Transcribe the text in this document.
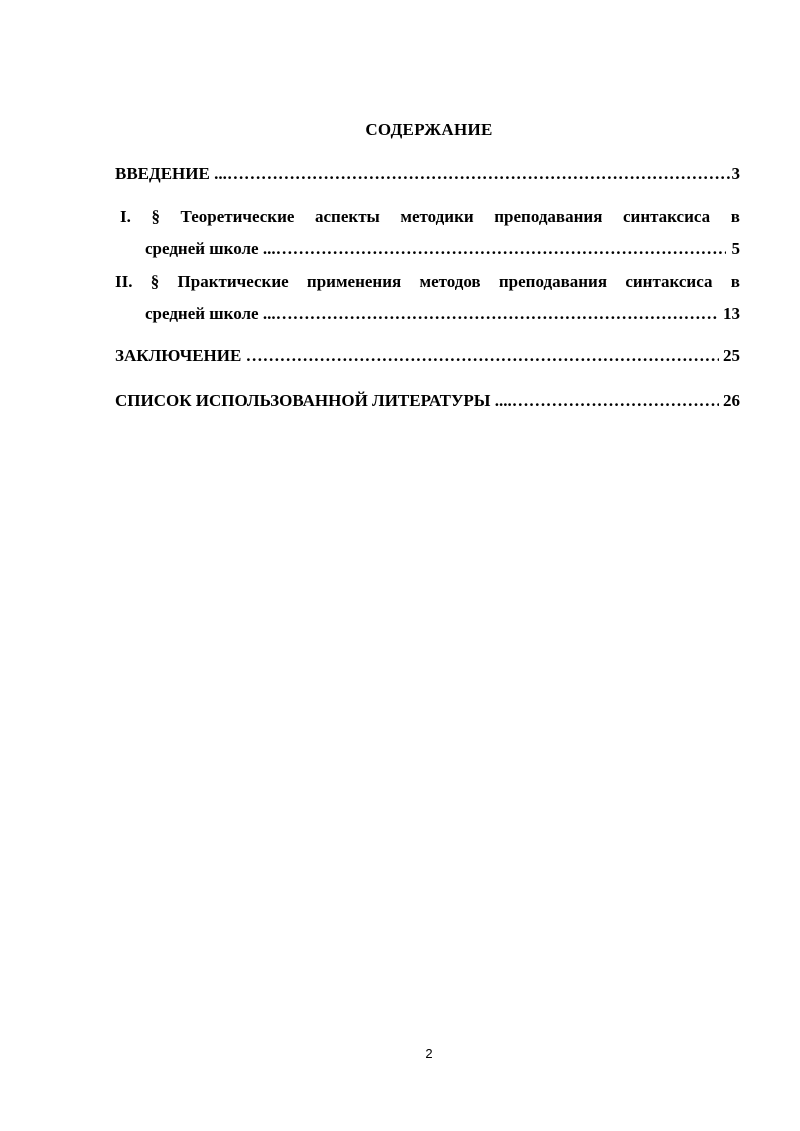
СОДЕРЖАНИЕ
ВВЕДЕНИЕ ... ………………………………………………………………………………………………………………………………………………………………………………………………	3
I. § Теоретические аспекты методики преподавания синтаксиса в
средней школе ... ………………………………………………………………………………………………………………………………………………………………………………………………	5
II. § Практические применения методов преподавания синтаксиса в
средней школе ... ………………………………………………………………………………………………………………………………………………………………………………………………	13
ЗАКЛЮЧЕНИЕ ………………………………………………………………………………………………………………………………………………………………………………………………	25
СПИСОК ИСПОЛЬЗОВАННОЙ ЛИТЕРАТУРЫ .... ………………………………………………………………………………………………………………………………………………………………………………………………	26
2
